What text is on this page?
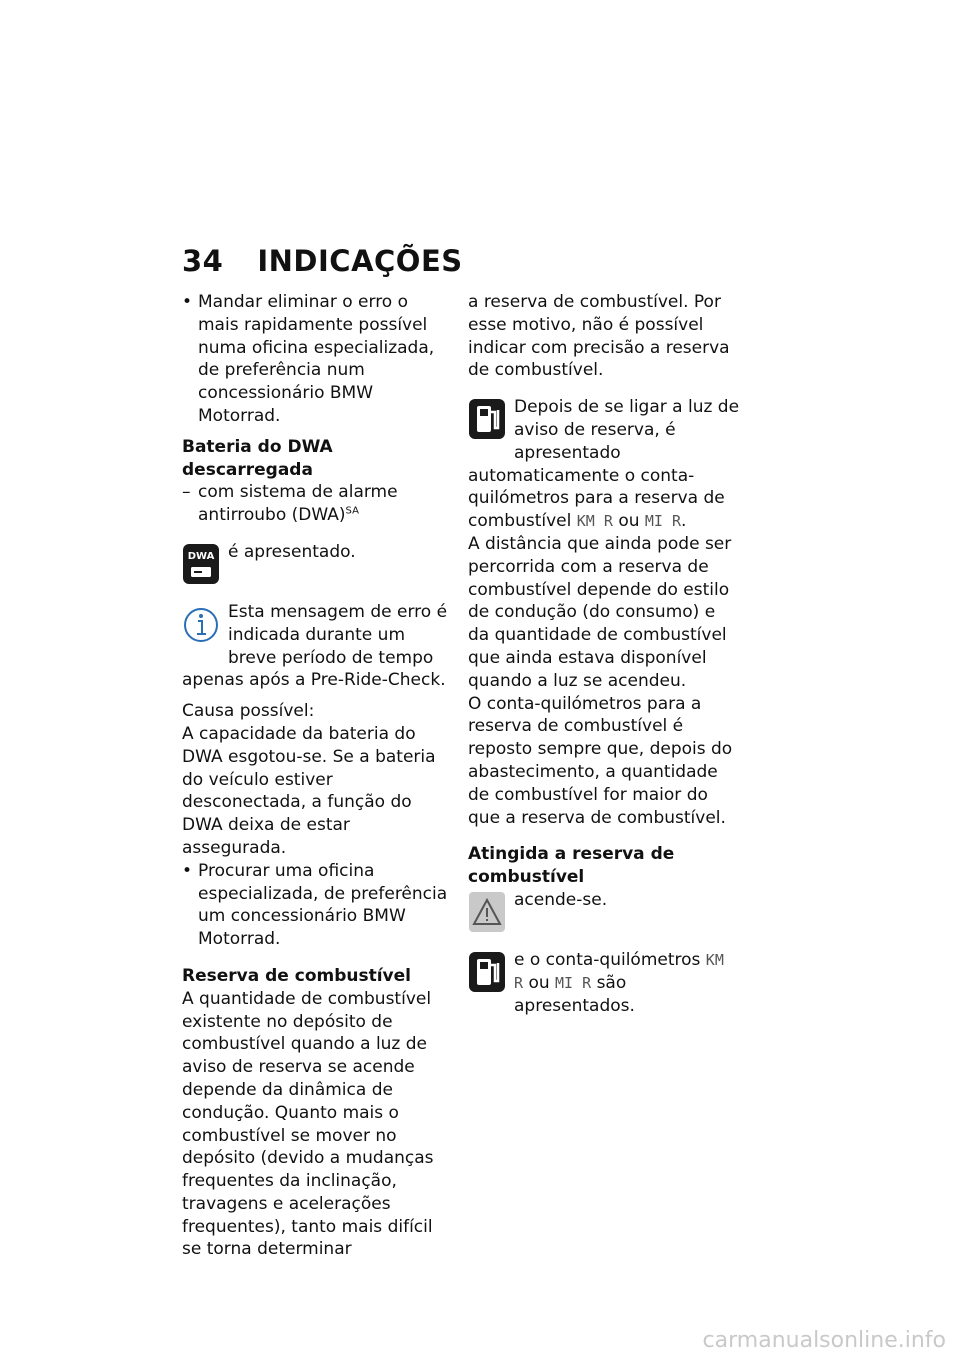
34 INDICAÇÕES

• Mandar eliminar o erro o mais rapidamente possível numa oficina especializada, de preferência num concessionário BMW Motorrad.

Bateria do DWA descarregada

– com sistema de alarme antirroubo (DWA)$^{SA}$

DWA é apresentado.
Esta mensagem de erro é indicada durante um breve período de tempo apenas após a Pre-Ride-Check.

Causa possível:

A capacidade da bateria do DWA esgotou-se. Se a bateria do veículo estiver desconectada, a função do DWA deixa de estar assegurada.

• Procurar uma oficina especializada, de preferência um concessionário BMW Motorrad.

Reserva de combustível

A quantidade de combustível existente no depósito de combustível quando a luz de aviso de reserva se acende depende da dinâmica de condução. Quanto mais o combustível se mover no depósito (devido a mudanças frequentes da inclinação, travagens e acelerações frequentes), tanto mais difícil se torna determinar

a reserva de combustível. Por esse motivo, não é possível indicar com precisão a reserva de combustível.

Depois de se ligar a luz de aviso de reserva, é apresentado automaticamente o conta-quilómetros para a reserva de combustível KM R ou MI R.

A distância que ainda pode ser percorrida com a reserva de combustível depende do estilo de condução (do consumo) e da quantidade de combustível que ainda estava disponível quando a luz se acendeu.

O conta-quilómetros para a reserva de combustível é reposto sempre que, depois do abastecimento, a quantidade de combustível for maior do que a reserva de combustível.

Atingida a reserva de combustível

acende-se.
e o conta-quilómetros KM R ou MI R são apresentados.
carmanualsonline.info
